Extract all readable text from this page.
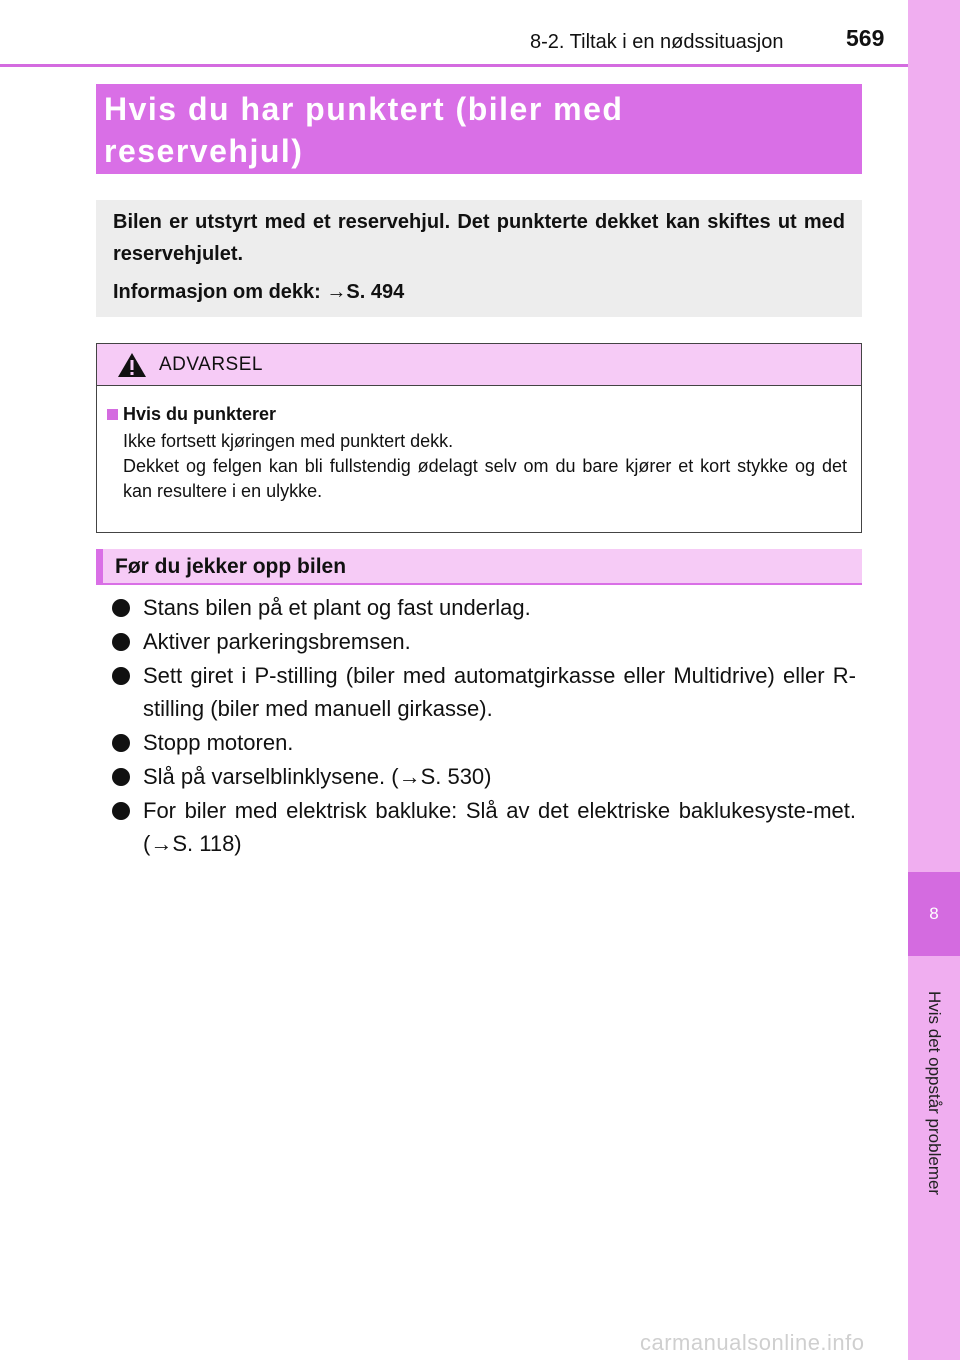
8
Hvis det oppstår problemer
8-2. Tiltak i en nødssituasjon	569
Hvis du har punktert (biler med
reservehjul)

Bilen er utstyrt med et reservehjul. Det punkterte dekket kan skiftes ut med reservehjulet.

Informasjon om dekk: →S. 494

ADVARSEL
Hvis du punkterer

Ikke fortsett kjøringen med punktert dekk.

Dekket og felgen kan bli fullstendig ødelagt selv om du bare kjører et kort stykke og det kan resultere i en ulykke.

Før du jekker opp bilen
Stans bilen på et plant og fast underlag.
Aktiver parkeringsbremsen.
Sett giret i P-stilling (biler med automatgirkasse eller Multidrive) eller R-stilling (biler med manuell girkasse).
Stopp motoren.
Slå på varselblinklysene. (→S. 530)
For biler med elektrisk bakluke: Slå av det elektriske baklukesyste-met. (→S. 118)
carmanualsonline.info
